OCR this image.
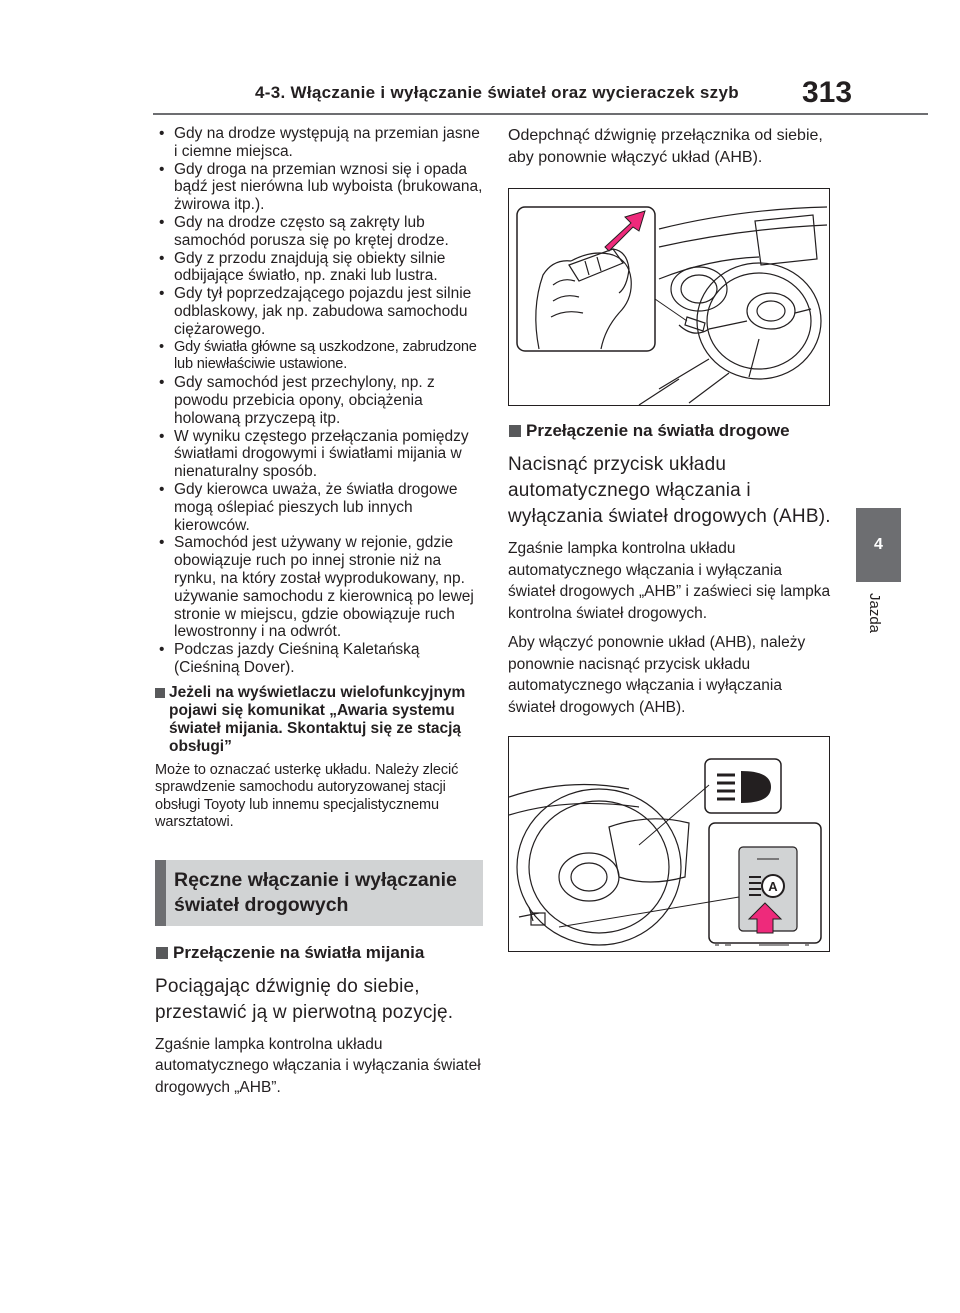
4-3. Włączanie i wyłączanie świateł oraz wycieraczek szyb 313
4
Jazda
• Gdy na drodze występują na przemian jasne i ciemne miejsca.
• Gdy droga na przemian wznosi się i opada bądź jest nierówna lub wyboista (brukowana, żwirowa itp.).
• Gdy na drodze często są zakręty lub samochód porusza się po krętej drodze.
• Gdy z przodu znajdują się obiekty silnie odbijające światło, np. znaki lub lustra.
• Gdy tył poprzedzającego pojazdu jest silnie odblaskowy, jak np. zabudowa samochodu ciężarowego.
• Gdy światła główne są uszkodzone, zabrudzone lub niewłaściwie ustawione.
• Gdy samochód jest przechylony, np. z powodu przebicia opony, obciążenia holowaną przyczepą itp.
• W wyniku częstego przełączania pomiędzy światłami drogowymi i światłami mijania w nienaturalny sposób.
• Gdy kierowca uważa, że światła drogowe mogą oślepiać pieszych lub innych kierowców.
• Samochód jest używany w rejonie, gdzie obowiązuje ruch po innej stronie niż na rynku, na który został wyprodukowany, np. używanie samochodu z kierownicą po lewej stronie w miejscu, gdzie obowiązuje ruch lewostronny i na odwrót.
• Podczas jazdy Cieśniną Kaletańską (Cieśniną Dover).
Jeżeli na wyświetlaczu wielofunkcyjnym pojawi się komunikat „Awaria systemu świateł mijania. Skontaktuj się ze stacją obsługi”

Może to oznaczać usterkę układu. Należy zlecić sprawdzenie samochodu autoryzowanej stacji obsługi Toyoty lub innemu specjalistycznemu warsztatowi.

Ręczne włączanie i wyłączanie świateł drogowych
Przełączenie na światła mijania

Pociągając dźwignię do siebie, przestawić ją w pierwotną pozycję.

Zgaśnie lampka kontrolna układu automatycznego włączania i wyłączania świateł drogowych „AHB”.

Odepchnąć dźwignię przełącznika od siebie, aby ponownie włączyć układ (AHB).

Przełączenie na światła drogowe

Nacisnąć przycisk układu automatycznego włączania i wyłączania świateł drogowych (AHB).

Zgaśnie lampka kontrolna układu automatycznego włączania i wyłączania świateł drogowych „AHB” i zaświeci się lampka kontrolna świateł drogowych.

Aby włączyć ponownie układ (AHB), należy ponownie nacisnąć przycisk układu automatycznego włączania i wyłączania świateł drogowych (AHB).

A
